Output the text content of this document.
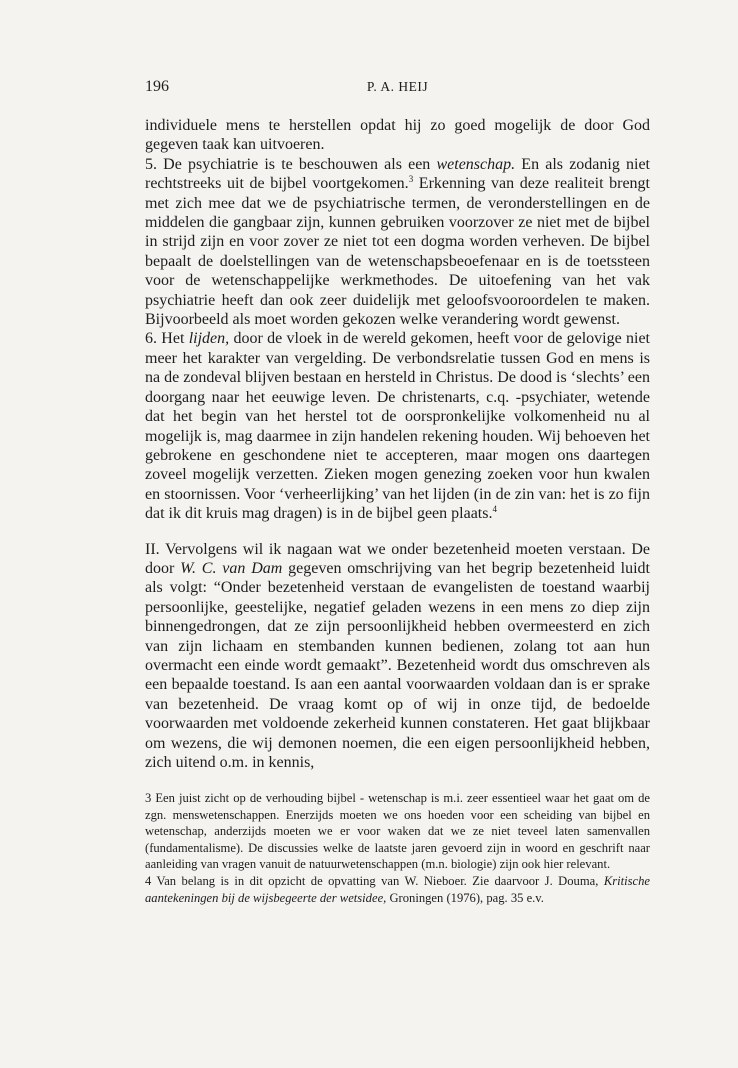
196	P. A. HEIJ

individuele mens te herstellen opdat hij zo goed mogelijk de door God gegeven taak kan uitvoeren.

5. De psychiatrie is te beschouwen als een wetenschap. En als zodanig niet rechtstreeks uit de bijbel voortgekomen.$^3$ Erkenning van deze realiteit brengt met zich mee dat we de psychiatrische termen, de veronderstellingen en de middelen die gangbaar zijn, kunnen gebruiken voorzover ze niet met de bijbel in strijd zijn en voor zover ze niet tot een dogma worden verheven. De bijbel bepaalt de doelstellingen van de wetenschapsbeoefenaar en is de toetssteen voor de wetenschappelijke werkmethodes. De uitoefening van het vak psychiatrie heeft dan ook zeer duidelijk met geloofsvooroordelen te maken. Bijvoorbeeld als moet worden gekozen welke verandering wordt gewenst.

6. Het lijden, door de vloek in de wereld gekomen, heeft voor de gelovige niet meer het karakter van vergelding. De verbondsrelatie tussen God en mens is na de zondeval blijven bestaan en hersteld in Christus. De dood is ‘slechts’ een doorgang naar het eeuwige leven. De christenarts, c.q. -psychiater, wetende dat het begin van het herstel tot de oorspronkelijke volkomenheid nu al mogelijk is, mag daarmee in zijn handelen rekening houden. Wij behoeven het gebrokene en geschondene niet te accepteren, maar mogen ons daartegen zoveel mogelijk verzetten. Zieken mogen genezing zoeken voor hun kwalen en stoornissen. Voor ‘verheerlijking’ van het lijden (in de zin van: het is zo fijn dat ik dit kruis mag dragen) is in de bijbel geen plaats.$^4$

II. Vervolgens wil ik nagaan wat we onder bezetenheid moeten verstaan. De door W. C. van Dam gegeven omschrijving van het begrip bezetenheid luidt als volgt: “Onder bezetenheid verstaan de evangelisten de toestand waarbij persoonlijke, geestelijke, negatief geladen wezens in een mens zo diep zijn binnengedrongen, dat ze zijn persoonlijkheid hebben overmeesterd en zich van zijn lichaam en stembanden kunnen bedienen, zolang tot aan hun overmacht een einde wordt gemaakt”. Bezetenheid wordt dus omschreven als een bepaalde toestand. Is aan een aantal voorwaarden voldaan dan is er sprake van bezetenheid. De vraag komt op of wij in onze tijd, de bedoelde voorwaarden met voldoende zekerheid kunnen constateren. Het gaat blijkbaar om wezens, die wij demonen noemen, die een eigen persoonlijkheid hebben, zich uitend o.m. in kennis,

3 Een juist zicht op de verhouding bijbel - wetenschap is m.i. zeer essentieel waar het gaat om de zgn. menswetenschappen. Enerzijds moeten we ons hoeden voor een scheiding van bijbel en wetenschap, anderzijds moeten we er voor waken dat we ze niet teveel laten samenvallen (fundamentalisme). De discussies welke de laatste jaren gevoerd zijn in woord en geschrift naar aanleiding van vragen vanuit de natuurwetenschappen (m.n. biologie) zijn ook hier relevant.

4 Van belang is in dit opzicht de opvatting van W. Nieboer. Zie daarvoor J. Douma, Kritische aantekeningen bij de wijsbegeerte der wetsidee, Groningen (1976), pag. 35 e.v.
